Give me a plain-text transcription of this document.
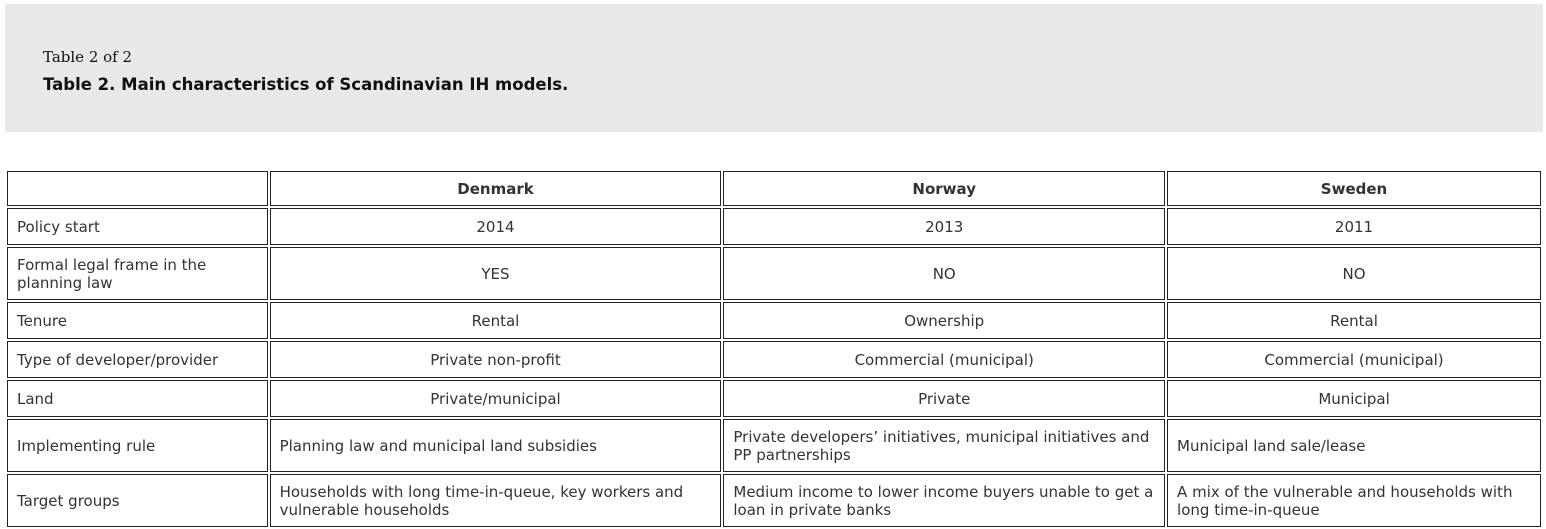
Table 2 of 2
Table 2. Main characteristics of Scandinavian IH models.
	Denmark	Norway	Sweden
Policy start	2014	2013	2011
Formal legal frame in the planning law	YES	NO	NO
Tenure	Rental	Ownership	Rental
Type of developer/provider	Private non-profit	Commercial (municipal)	Commercial (municipal)
Land	Private/municipal	Private	Municipal
Implementing rule	Planning law and municipal land subsidies	Private developers’ initiatives, municipal initiatives and PP partnerships	Municipal land sale/lease
Target groups	Households with long time-in-queue, key workers and vulnerable households	Medium income to lower income buyers unable to get a loan in private banks	A mix of the vulnerable and households with long time-in-queue
